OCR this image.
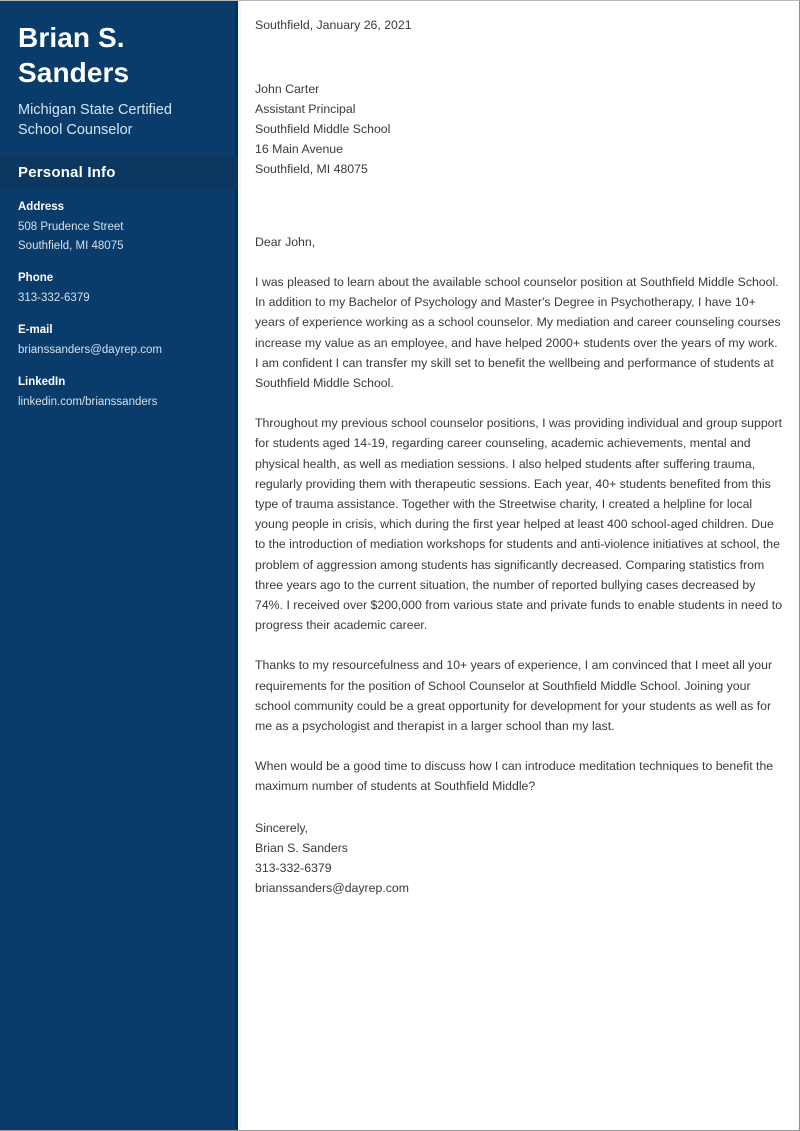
Brian S. Sanders

Michigan State Certified School Counselor

Personal Info

Address

508 Prudence Street

Southfield, MI 48075

Phone

313-332-6379

E-mail

brianssanders@dayrep.com

LinkedIn

linkedin.com/brianssanders

Southfield, January 26, 2021

John Carter

Assistant Principal

Southfield Middle School

16 Main Avenue

Southfield, MI 48075

Dear John,

I was pleased to learn about the available school counselor position at Southfield Middle School. In addition to my Bachelor of Psychology and Master's Degree in Psychotherapy, I have 10+ years of experience working as a school counselor. My mediation and career counseling courses increase my value as an employee, and have helped 2000+ students over the years of my work. I am confident I can transfer my skill set to benefit the wellbeing and performance of students at Southfield Middle School.

Throughout my previous school counselor positions, I was providing individual and group support for students aged 14-19, regarding career counseling, academic achievements, mental and physical health, as well as mediation sessions. I also helped students after suffering trauma, regularly providing them with therapeutic sessions. Each year, 40+ students benefited from this type of trauma assistance. Together with the Streetwise charity, I created a helpline for local young people in crisis, which during the first year helped at least 400 school-aged children. Due to the introduction of mediation workshops for students and anti-violence initiatives at school, the problem of aggression among students has significantly decreased. Comparing statistics from three years ago to the current situation, the number of reported bullying cases decreased by 74%. I received over $200,000 from various state and private funds to enable students in need to progress their academic career.

Thanks to my resourcefulness and 10+ years of experience, I am convinced that I meet all your requirements for the position of School Counselor at Southfield Middle School. Joining your school community could be a great opportunity for development for your students as well as for me as a psychologist and therapist in a larger school than my last.

When would be a good time to discuss how I can introduce meditation techniques to benefit the maximum number of students at Southfield Middle?

Sincerely,

Brian S. Sanders

313-332-6379

brianssanders@dayrep.com
